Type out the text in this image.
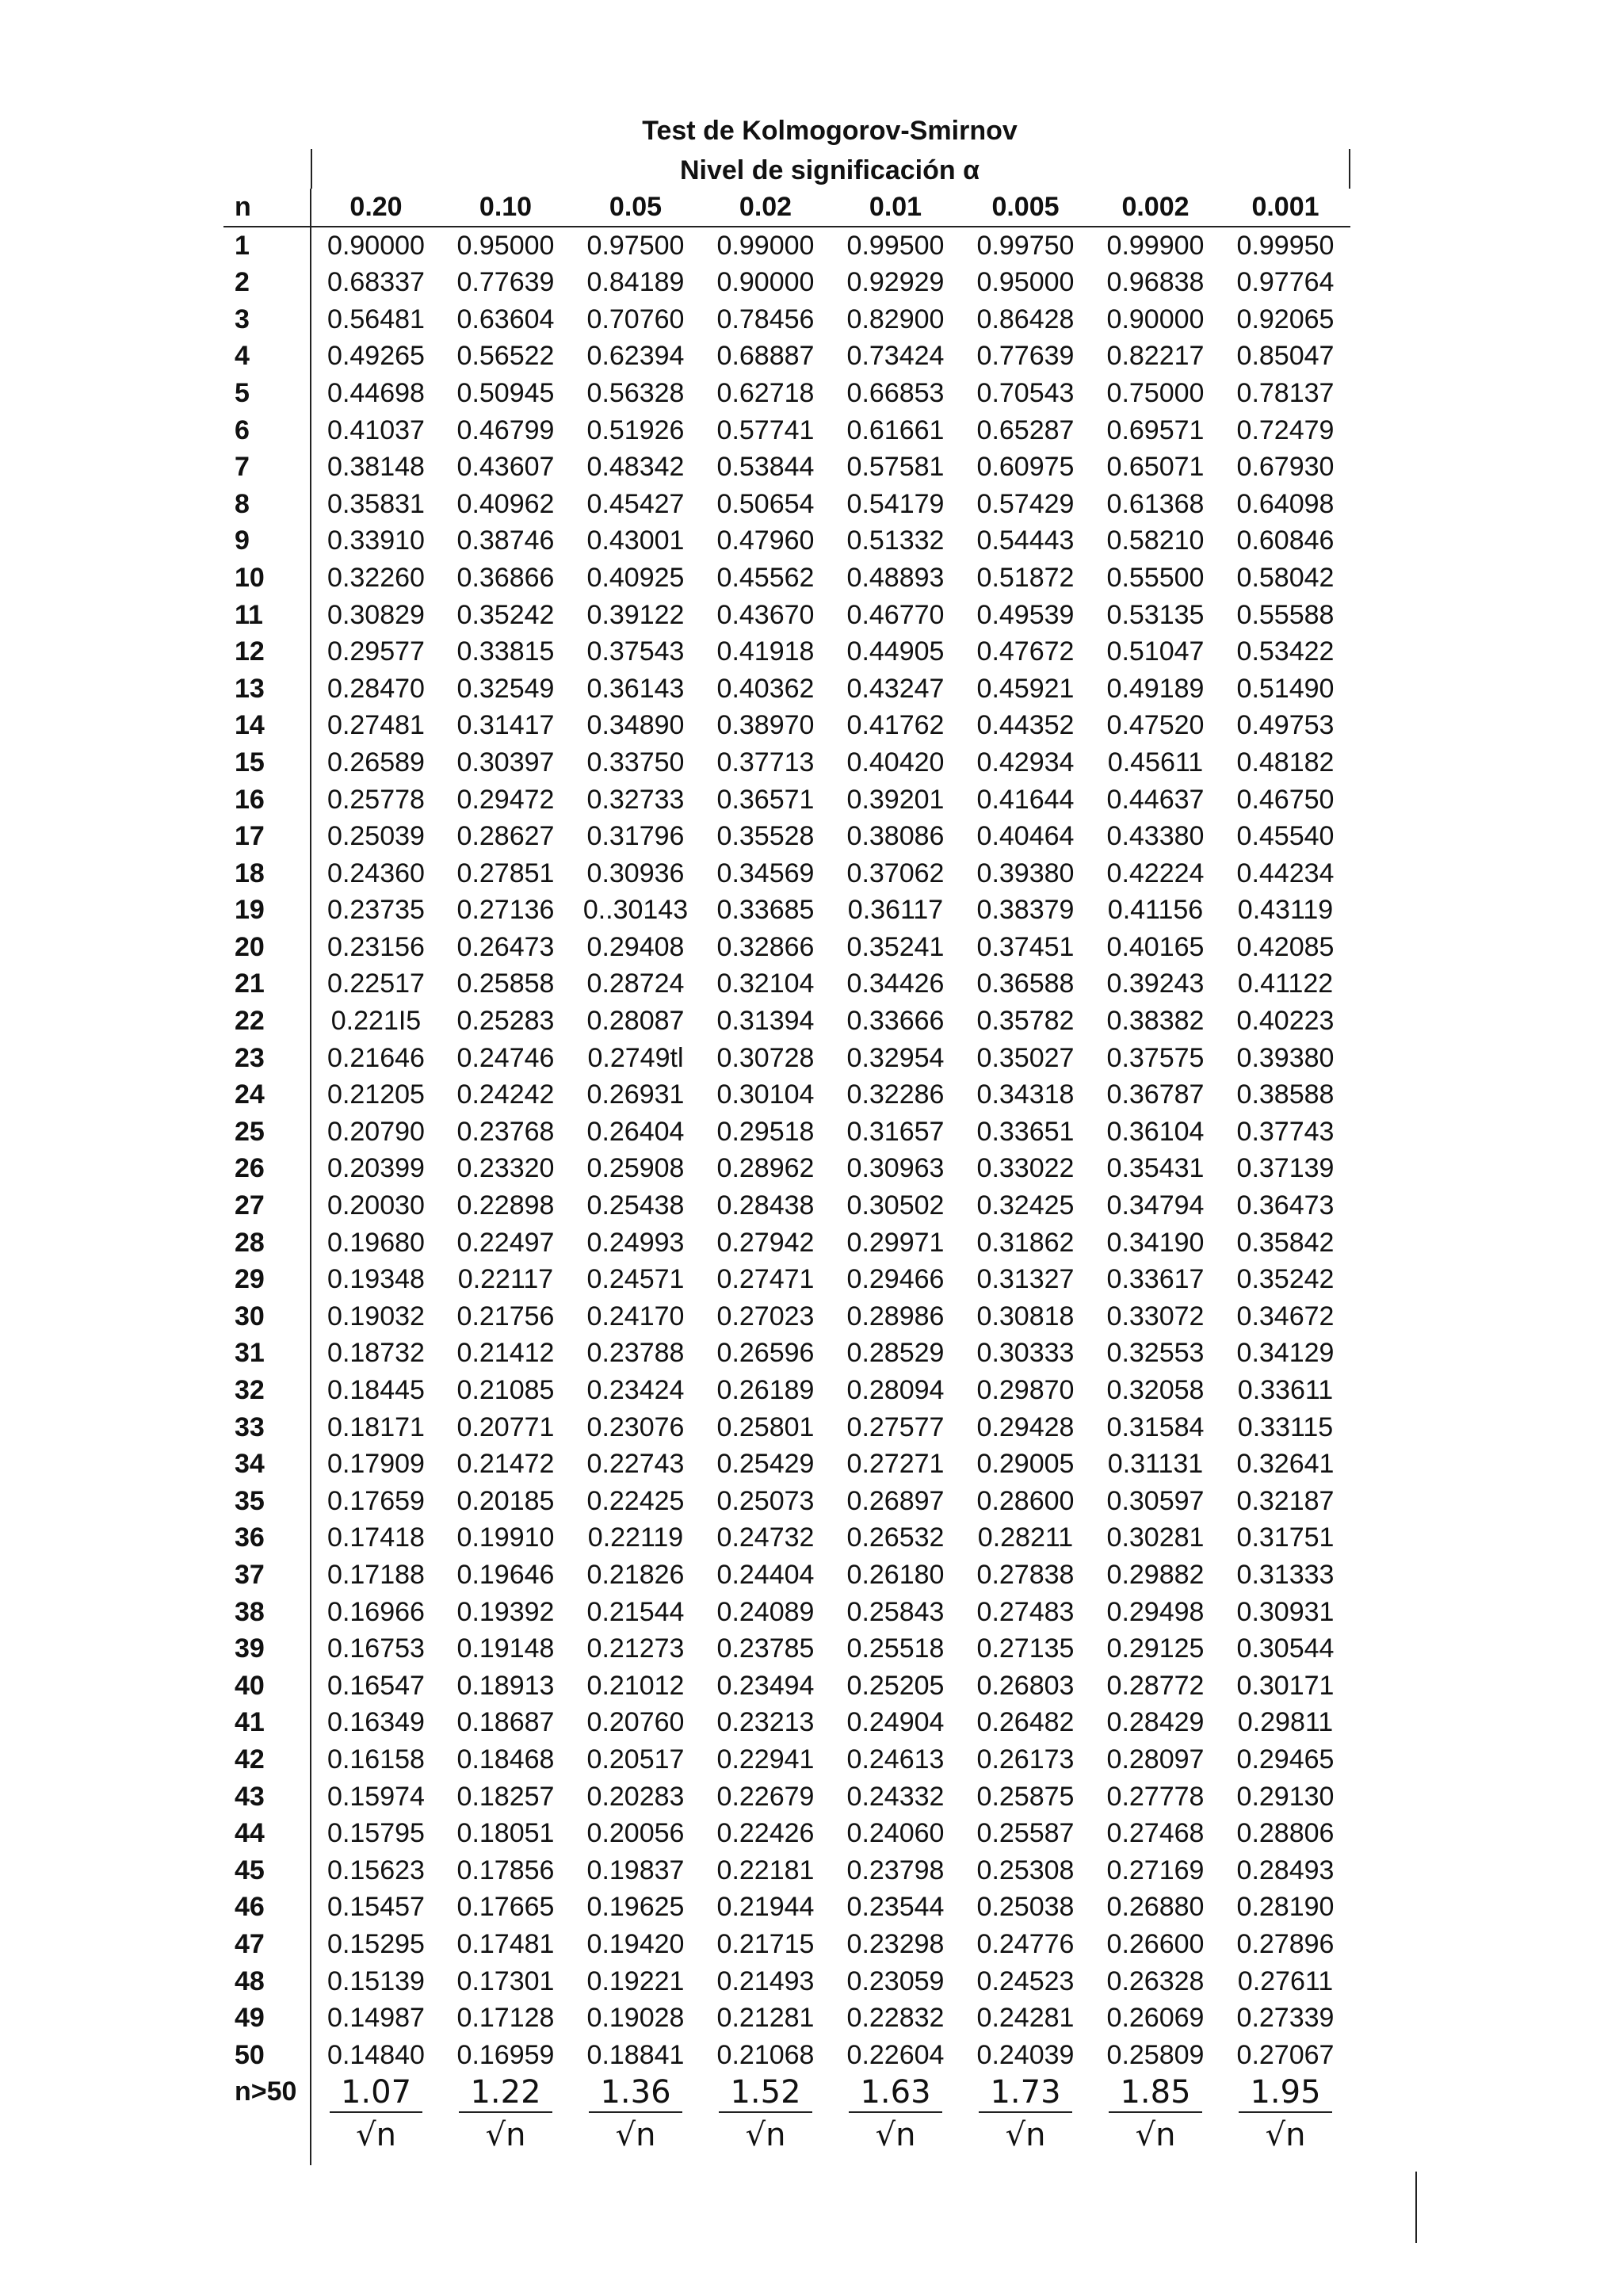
Test de Kolmogorov-Smirnov
Nivel de significación α
n	0.20	0.10	0.05	0.02	0.01	0.005	0.002	0.001
1	0.90000	0.95000	0.97500	0.99000	0.99500	0.99750	0.99900	0.99950
2	0.68337	0.77639	0.84189	0.90000	0.92929	0.95000	0.96838	0.97764
3	0.56481	0.63604	0.70760	0.78456	0.82900	0.86428	0.90000	0.92065
4	0.49265	0.56522	0.62394	0.68887	0.73424	0.77639	0.82217	0.85047
5	0.44698	0.50945	0.56328	0.62718	0.66853	0.70543	0.75000	0.78137
6	0.41037	0.46799	0.51926	0.57741	0.61661	0.65287	0.69571	0.72479
7	0.38148	0.43607	0.48342	0.53844	0.57581	0.60975	0.65071	0.67930
8	0.35831	0.40962	0.45427	0.50654	0.54179	0.57429	0.61368	0.64098
9	0.33910	0.38746	0.43001	0.47960	0.51332	0.54443	0.58210	0.60846
10	0.32260	0.36866	0.40925	0.45562	0.48893	0.51872	0.55500	0.58042
11	0.30829	0.35242	0.39122	0.43670	0.46770	0.49539	0.53135	0.55588
12	0.29577	0.33815	0.37543	0.41918	0.44905	0.47672	0.51047	0.53422
13	0.28470	0.32549	0.36143	0.40362	0.43247	0.45921	0.49189	0.51490
14	0.27481	0.31417	0.34890	0.38970	0.41762	0.44352	0.47520	0.49753
15	0.26589	0.30397	0.33750	0.37713	0.40420	0.42934	0.45611	0.48182
16	0.25778	0.29472	0.32733	0.36571	0.39201	0.41644	0.44637	0.46750
17	0.25039	0.28627	0.31796	0.35528	0.38086	0.40464	0.43380	0.45540
18	0.24360	0.27851	0.30936	0.34569	0.37062	0.39380	0.42224	0.44234
19	0.23735	0.27136	0..30143	0.33685	0.36117	0.38379	0.41156	0.43119
20	0.23156	0.26473	0.29408	0.32866	0.35241	0.37451	0.40165	0.42085
21	0.22517	0.25858	0.28724	0.32104	0.34426	0.36588	0.39243	0.41122
22	0.221I5	0.25283	0.28087	0.31394	0.33666	0.35782	0.38382	0.40223
23	0.21646	0.24746	0.2749tl	0.30728	0.32954	0.35027	0.37575	0.39380
24	0.21205	0.24242	0.26931	0.30104	0.32286	0.34318	0.36787	0.38588
25	0.20790	0.23768	0.26404	0.29518	0.31657	0.33651	0.36104	0.37743
26	0.20399	0.23320	0.25908	0.28962	0.30963	0.33022	0.35431	0.37139
27	0.20030	0.22898	0.25438	0.28438	0.30502	0.32425	0.34794	0.36473
28	0.19680	0.22497	0.24993	0.27942	0.29971	0.31862	0.34190	0.35842
29	0.19348	0.22117	0.24571	0.27471	0.29466	0.31327	0.33617	0.35242
30	0.19032	0.21756	0.24170	0.27023	0.28986	0.30818	0.33072	0.34672
31	0.18732	0.21412	0.23788	0.26596	0.28529	0.30333	0.32553	0.34129
32	0.18445	0.21085	0.23424	0.26189	0.28094	0.29870	0.32058	0.33611
33	0.18171	0.20771	0.23076	0.25801	0.27577	0.29428	0.31584	0.33115
34	0.17909	0.21472	0.22743	0.25429	0.27271	0.29005	0.31131	0.32641
35	0.17659	0.20185	0.22425	0.25073	0.26897	0.28600	0.30597	0.32187
36	0.17418	0.19910	0.22119	0.24732	0.26532	0.28211	0.30281	0.31751
37	0.17188	0.19646	0.21826	0.24404	0.26180	0.27838	0.29882	0.31333
38	0.16966	0.19392	0.21544	0.24089	0.25843	0.27483	0.29498	0.30931
39	0.16753	0.19148	0.21273	0.23785	0.25518	0.27135	0.29125	0.30544
40	0.16547	0.18913	0.21012	0.23494	0.25205	0.26803	0.28772	0.30171
41	0.16349	0.18687	0.20760	0.23213	0.24904	0.26482	0.28429	0.29811
42	0.16158	0.18468	0.20517	0.22941	0.24613	0.26173	0.28097	0.29465
43	0.15974	0.18257	0.20283	0.22679	0.24332	0.25875	0.27778	0.29130
44	0.15795	0.18051	0.20056	0.22426	0.24060	0.25587	0.27468	0.28806
45	0.15623	0.17856	0.19837	0.22181	0.23798	0.25308	0.27169	0.28493
46	0.15457	0.17665	0.19625	0.21944	0.23544	0.25038	0.26880	0.28190
47	0.15295	0.17481	0.19420	0.21715	0.23298	0.24776	0.26600	0.27896
48	0.15139	0.17301	0.19221	0.21493	0.23059	0.24523	0.26328	0.27611
49	0.14987	0.17128	0.19028	0.21281	0.22832	0.24281	0.26069	0.27339
50	0.14840	0.16959	0.18841	0.21068	0.22604	0.24039	0.25809	0.27067
n>50	$\frac{1.07}{√n}$	$\frac{1.22}{√n}$	$\frac{1.36}{√n}$	$\frac{1.52}{√n}$	$\frac{1.63}{√n}$	$\frac{1.73}{√n}$	$\frac{1.85}{√n}$	$\frac{1.95}{√n}$
